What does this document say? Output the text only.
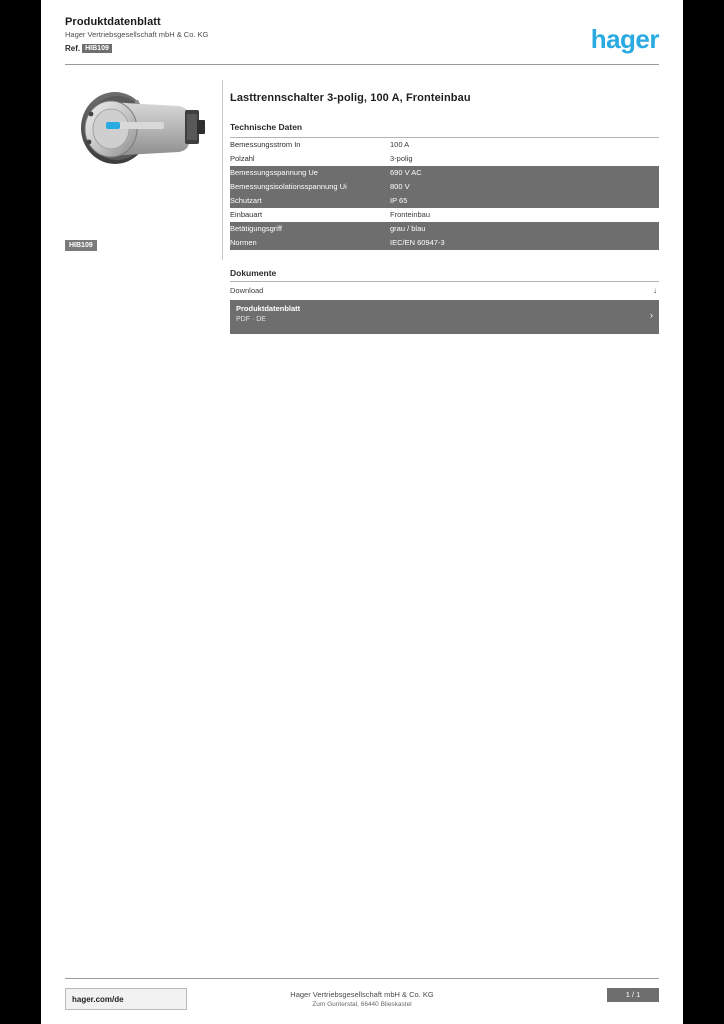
Produktdatenblatt
Hager Vertriebsgesellschaft mbH & Co. KG
Ref. HIB109	hager
HIB109
Lasttrennschalter 3-polig, 100 A, Fronteinbau
Technische Daten
Bemessungsstrom In	100 A
Polzahl	3-polig
Bemessungsspannung Ue	690 V AC
Bemessungsisolationsspannung Ui	800 V
Schutzart	IP 65
Einbauart	Fronteinbau
Betätigungsgriff	grau / blau
Normen	IEC/EN 60947-3
Dokumente
Download	↓
Produktdatenblatt
PDF · DE	›
hager.com/de
Hager Vertriebsgesellschaft mbH & Co. KG
Zum Gunterstal, 66440 Blieskastel
1 / 1
